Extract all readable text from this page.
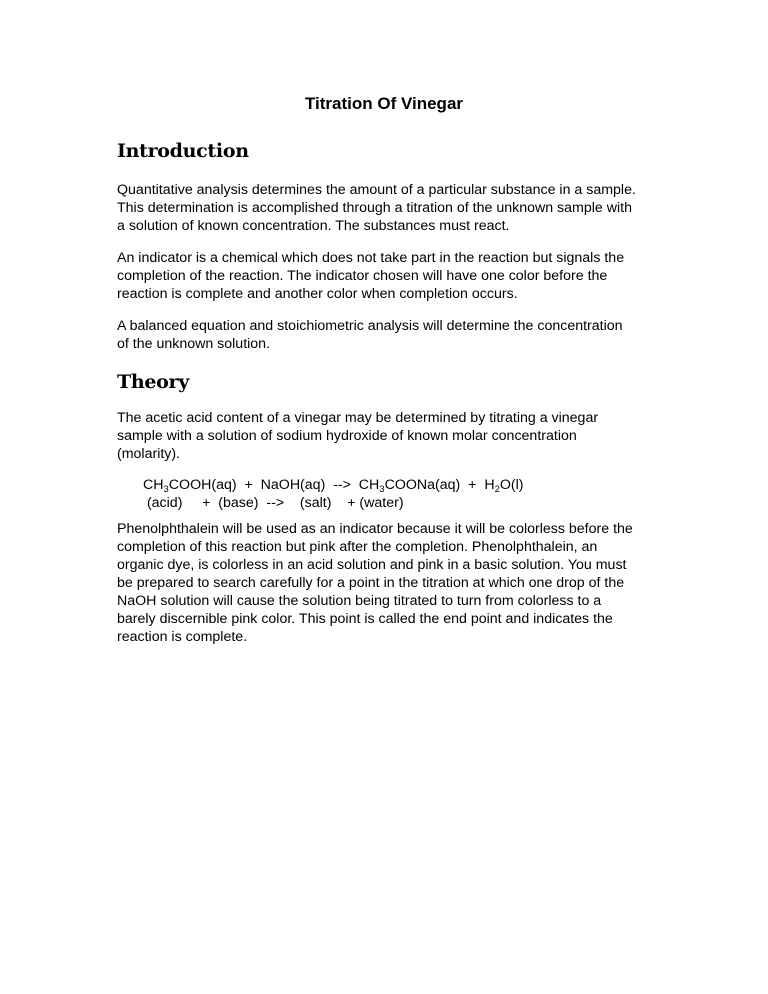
Titration Of Vinegar
Introduction
Quantitative analysis determines the amount of a particular substance in a sample.
This determination is accomplished through a titration of the unknown sample with
a solution of known concentration. The substances must react.
An indicator is a chemical which does not take part in the reaction but signals the
completion of the reaction. The indicator chosen will have one color before the
reaction is complete and another color when completion occurs.
A balanced equation and stoichiometric analysis will determine the concentration
of the unknown solution.
Theory
The acetic acid content of a vinegar may be determined by titrating a vinegar
sample with a solution of sodium hydroxide of known molar concentration
(molarity).
$CH_3COOH(aq)$  +  NaOH(aq)  -->  $CH_3COONa(aq) + H_2O(l)$
(acid)     +  (base)  -->    (salt)    + (water)
Phenolphthalein will be used as an indicator because it will be colorless before the
completion of this reaction but pink after the completion. Phenolphthalein, an
organic dye, is colorless in an acid solution and pink in a basic solution. You must
be prepared to search carefully for a point in the titration at which one drop of the
NaOH solution will cause the solution being titrated to turn from colorless to a
barely discernible pink color. This point is called the end point and indicates the
reaction is complete.
